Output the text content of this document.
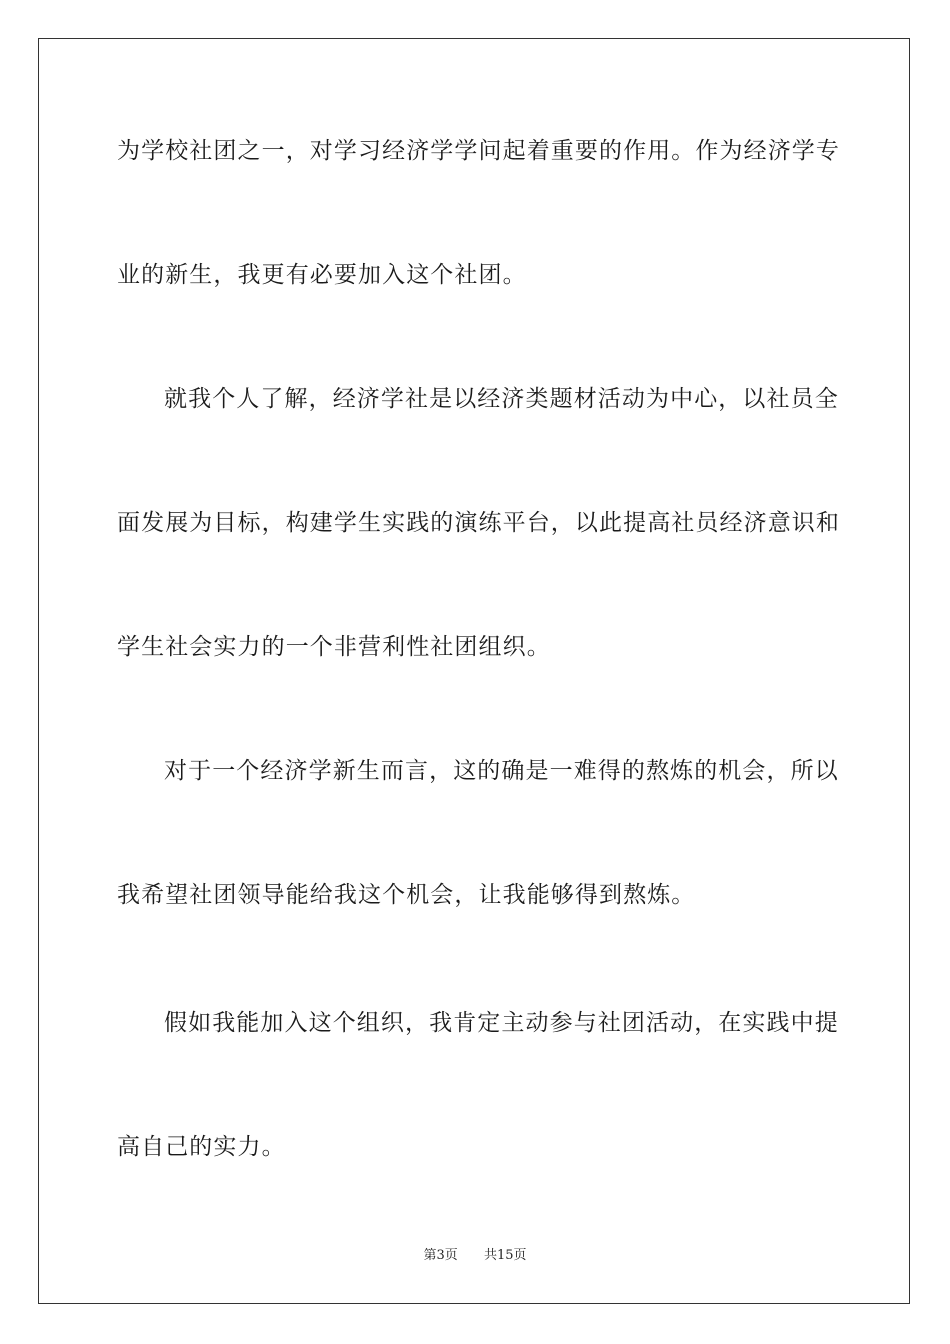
为学校社团之一，对学习经济学学问起着重要的作用。作为经济学专
业的新生，我更有必要加入这个社团。
就我个人了解，经济学社是以经济类题材活动为中心，以社员全
面发展为目标，构建学生实践的演练平台，以此提高社员经济意识和
学生社会实力的一个非营利性社团组织。
对于一个经济学新生而言，这的确是一难得的熬炼的机会，所以
我希望社团领导能给我这个机会，让我能够得到熬炼。
假如我能加入这个组织，我肯定主动参与社团活动，在实践中提
高自己的实力。
第3页 共15页
